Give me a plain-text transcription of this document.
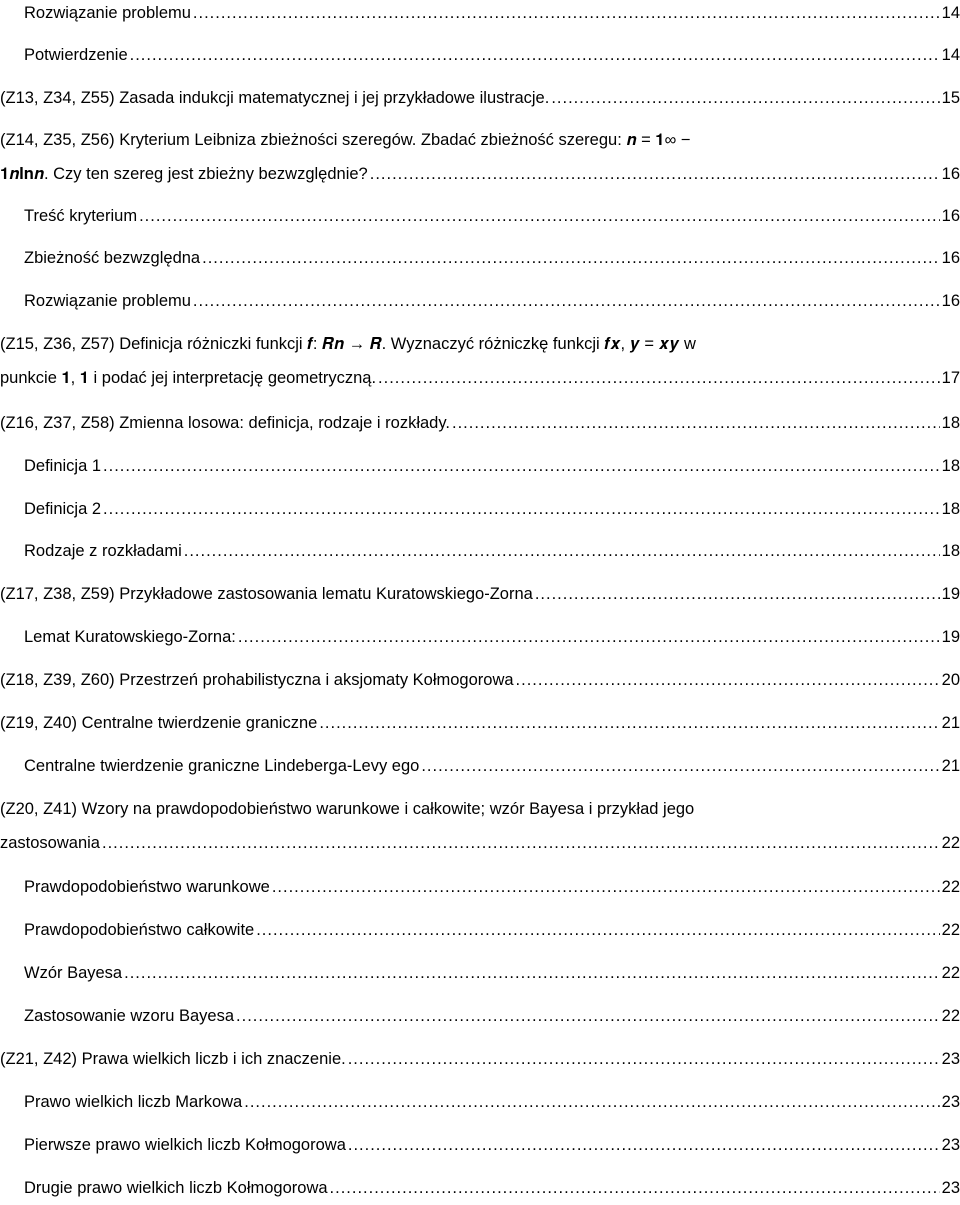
Rozwiązanie problemu .....	14
Potwierdzenie .....	14
(Z13, Z34, Z55) Zasada indukcji matematycznej i jej przykładowe ilustracje. .....	15
(Z14, Z35, Z56) Kryterium Leibniza zbieżności szeregów. Zbadać zbieżność szeregu: 𝒏 = 𝟏∞ −
𝟏𝒏𝐥𝐧𝒏. Czy ten szereg jest zbieżny bezwzględnie? .....	16
Treść kryterium .....	16
Zbieżność bezwzględna .....	16
Rozwiązanie problemu .....	16
(Z15, Z36, Z57) Definicja różniczki funkcji 𝒇: 𝑹𝒏 → 𝑹. Wyznaczyć różniczkę funkcji 𝒇𝒙, 𝒚 = 𝒙𝒚 w
punkcie 𝟏, 𝟏 i podać jej interpretację geometryczną. .....	17
(Z16, Z37, Z58) Zmienna losowa: definicja, rodzaje i rozkłady. .....	18
Definicja 1 .....	18
Definicja 2 .....	18
Rodzaje z rozkładami .....	18
(Z17, Z38, Z59) Przykładowe zastosowania lematu Kuratowskiego-Zorna .....	19
Lemat Kuratowskiego-Zorna: .....	19
(Z18, Z39, Z60) Przestrzeń prohabilistyczna i aksjomaty Kołmogorowa .....	20
(Z19, Z40) Centralne twierdzenie graniczne .....	21
Centralne twierdzenie graniczne Lindeberga-Levy ego .....	21
(Z20, Z41) Wzory na prawdopodobieństwo warunkowe i całkowite; wzór Bayesa i przykład jego
zastosowania .....	22
Prawdopodobieństwo warunkowe .....	22
Prawdopodobieństwo całkowite .....	22
Wzór Bayesa .....	22
Zastosowanie wzoru Bayesa .....	22
(Z21, Z42) Prawa wielkich liczb i ich znaczenie. .....	23
Prawo wielkich liczb Markowa .....	23
Pierwsze prawo wielkich liczb Kołmogorowa .....	23
Drugie prawo wielkich liczb Kołmogorowa .....	23
